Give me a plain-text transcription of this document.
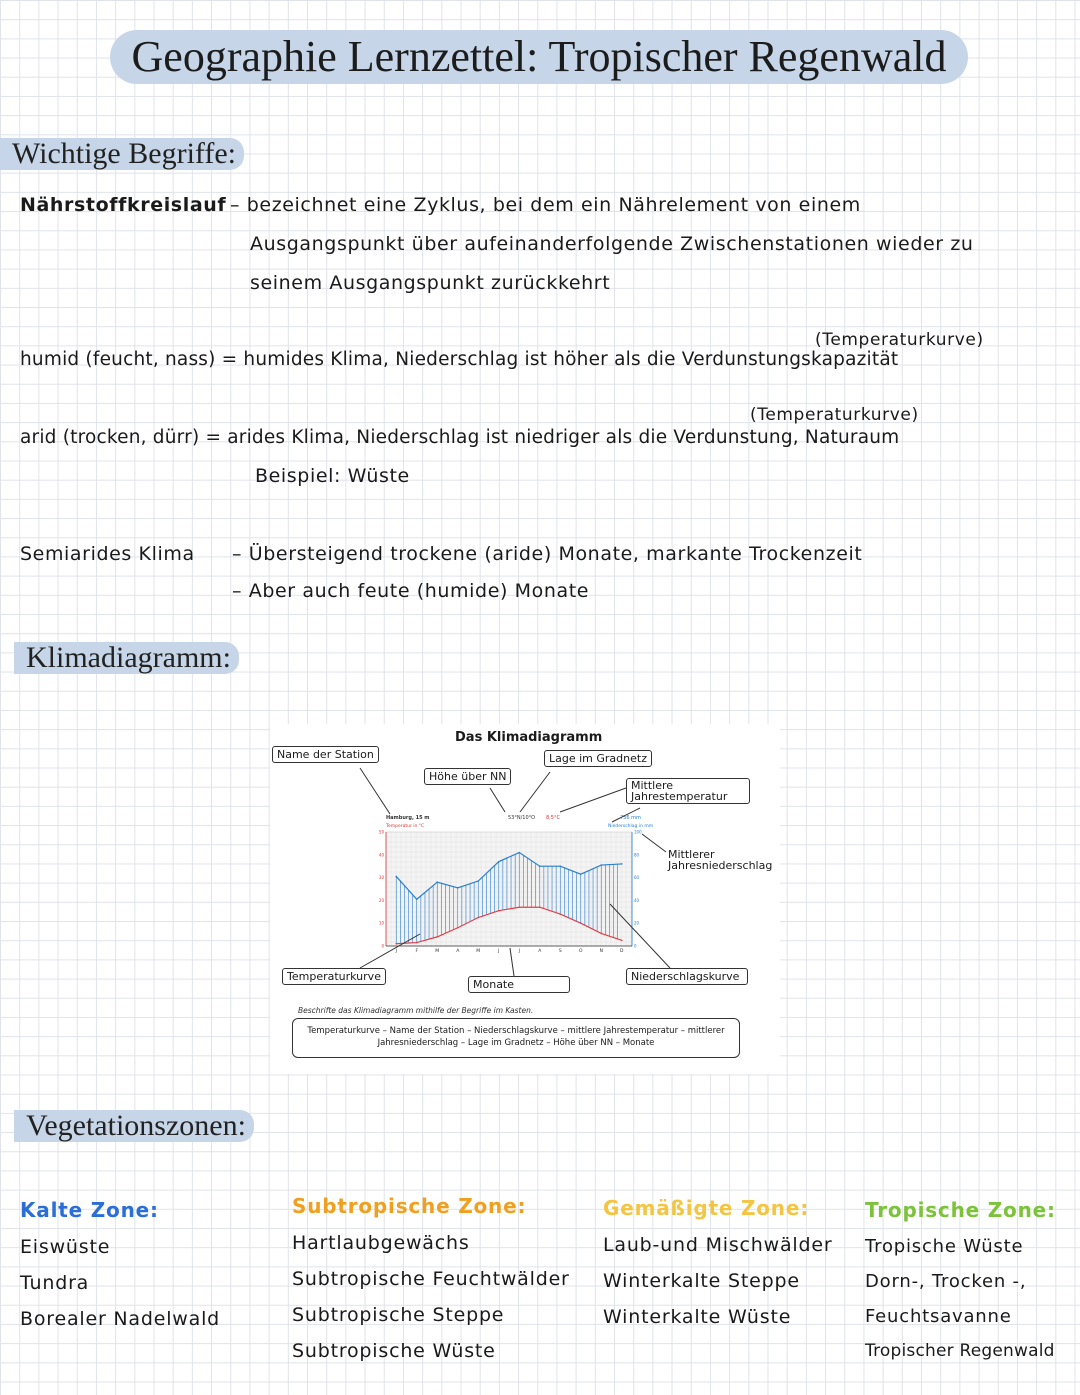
Geographie Lernzettel: Tropischer Regenwald
Wichtige Begriffe:
Nährstoffkreislauf – bezeichnet eine Zyklus, bei dem ein Nährelement von einem
Ausgangspunkt über aufeinanderfolgende Zwischenstationen wieder zu
seinem Ausgangspunkt zurückkehrt
(Temperaturkurve)
humid (feucht, nass) = humides Klima, Niederschlag ist höher als die Verdunstungskapazität
(Temperaturkurve)
arid (trocken, dürr) = arides Klima, Niederschlag ist niedriger als die Verdunstung, Naturaum
Beispiel: Wüste
Semiarides Klima – Übersteigend trockene (aride) Monate, markante Trockenzeit
– Aber auch feute (humide) Monate
Klimadiagramm:
Das Klimadiagramm
Name der Station
Höhe über NN
Lage im Gradnetz
Mittlere Jahrestemperatur
Mittlerer Jahresniederschlag
Temperaturkurve
Monate
Niederschlagskurve
J	F	M	A	M	J	J	A	S	O	N	D
0
10
20
30
40
50
0
20
40
60
80
100
Hamburg, 15 m
Temperatur in °C
53°N/10°O 8,5°C	736 mm
Niederschlag in mm
Beschrifte das Klimadiagramm mithilfe der Begriffe im Kasten.
Temperaturkurve – Name der Station – Niederschlagskurve – mittlere Jahrestemperatur – mittlerer
Jahresniederschlag – Lage im Gradnetz – Höhe über NN – Monate
Vegetationszonen:
Kalte Zone:
Eiswüste
Tundra
Borealer Nadelwald
Subtropische Zone:
Hartlaubgewächs
Subtropische Feuchtwälder
Subtropische Steppe
Subtropische Wüste
Gemäßigte Zone:
Laub-und Mischwälder
Winterkalte Steppe
Winterkalte Wüste
Tropische Zone:
Tropische Wüste
Dorn-, Trocken -,
Feuchtsavanne
Tropischer Regenwald
